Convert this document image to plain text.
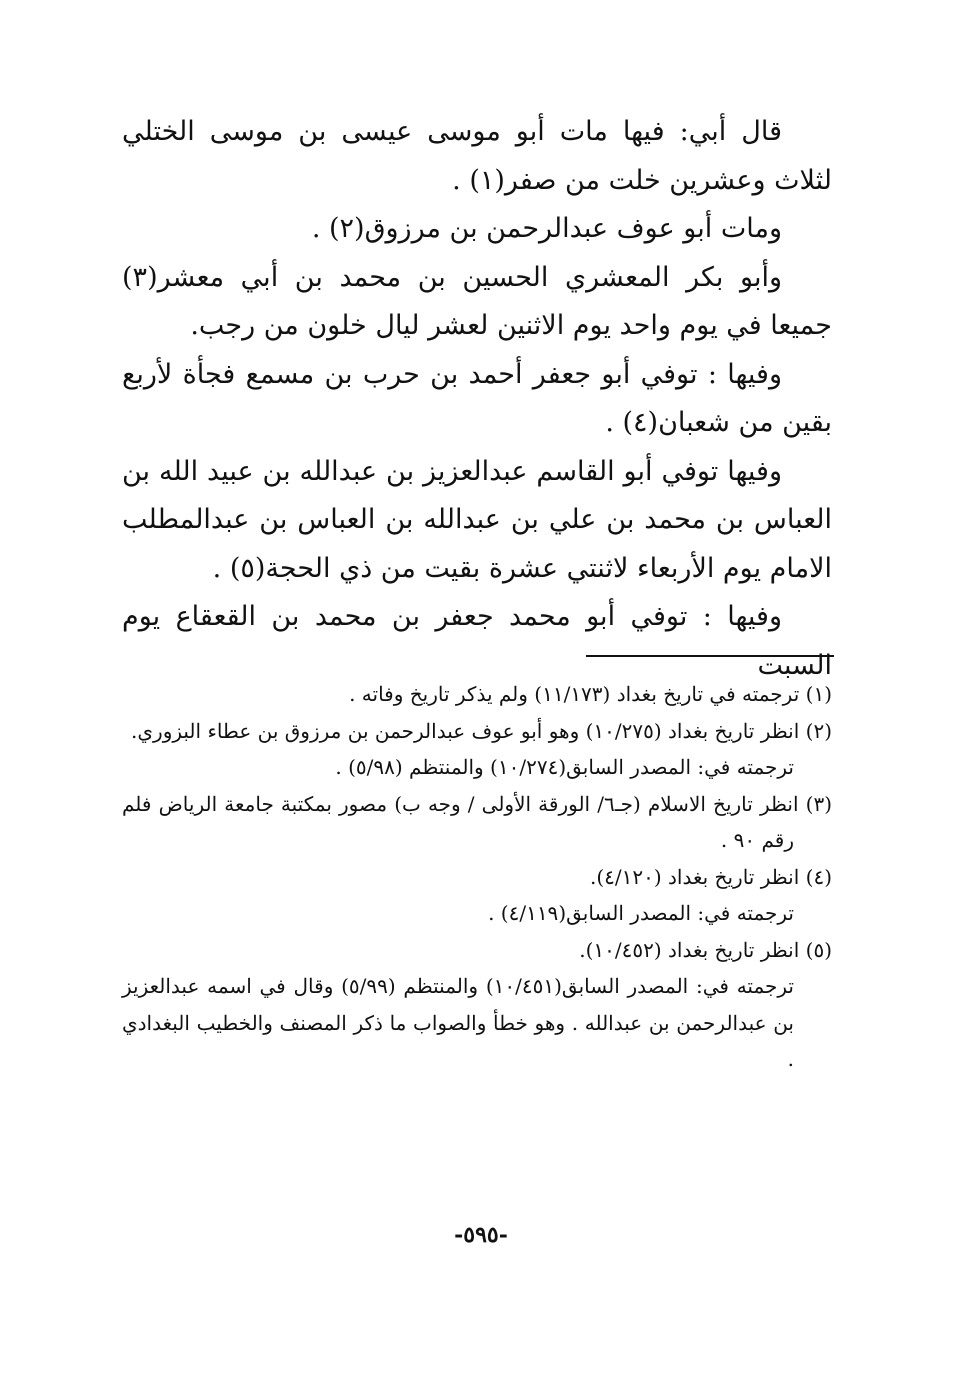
قال أبي: فيها مات أبو موسى عيسى بن موسى الختلي لثلاث وعشرين خلت من صفر(١) .

ومات أبو عوف عبدالرحمن بن مرزوق(٢) .

وأبو بكر المعشري الحسين بن محمد بن أبي معشر(٣) جميعا في يوم واحد يوم الاثنين لعشر ليال خلون من رجب.

وفيها : توفي أبو جعفر أحمد بن حرب بن مسمع فجأة لأربع بقين من شعبان(٤) .

وفيها توفي أبو القاسم عبدالعزيز بن عبدالله بن عبيد الله بن العباس بن محمد بن علي بن عبدالله بن العباس بن عبدالمطلب الامام يوم الأربعاء لاثنتي عشرة بقيت من ذي الحجة(٥) .

وفيها : توفي أبو محمد جعفر بن محمد بن القعقاع يوم السبت

(١) ترجمته في تاريخ بغداد (١١/١٧٣) ولم يذكر تاريخ وفاته .

(٢) انظر تاريخ بغداد (١٠/٢٧٥) وهو أبو عوف عبدالرحمن بن مرزوق بن عطاء البزوري.

ترجمته في: المصدر السابق(١٠/٢٧٤) والمنتظم (٥/٩٨) .

(٣) انظر تاريخ الاسلام (جـ٦/ الورقة الأولى / وجه ب) مصور بمكتبة جامعة الرياض فلم رقم ٩٠ .

(٤) انظر تاريخ بغداد (٤/١٢٠).

ترجمته في: المصدر السابق(٤/١١٩) .

(٥) انظر تاريخ بغداد (١٠/٤٥٢).

ترجمته في: المصدر السابق(١٠/٤٥١) والمنتظم (٥/٩٩) وقال في اسمه عبدالعزيز بن عبدالرحمن بن عبدالله . وهو خطأ والصواب ما ذكر المصنف والخطيب البغدادي .

-٥٩٥-
